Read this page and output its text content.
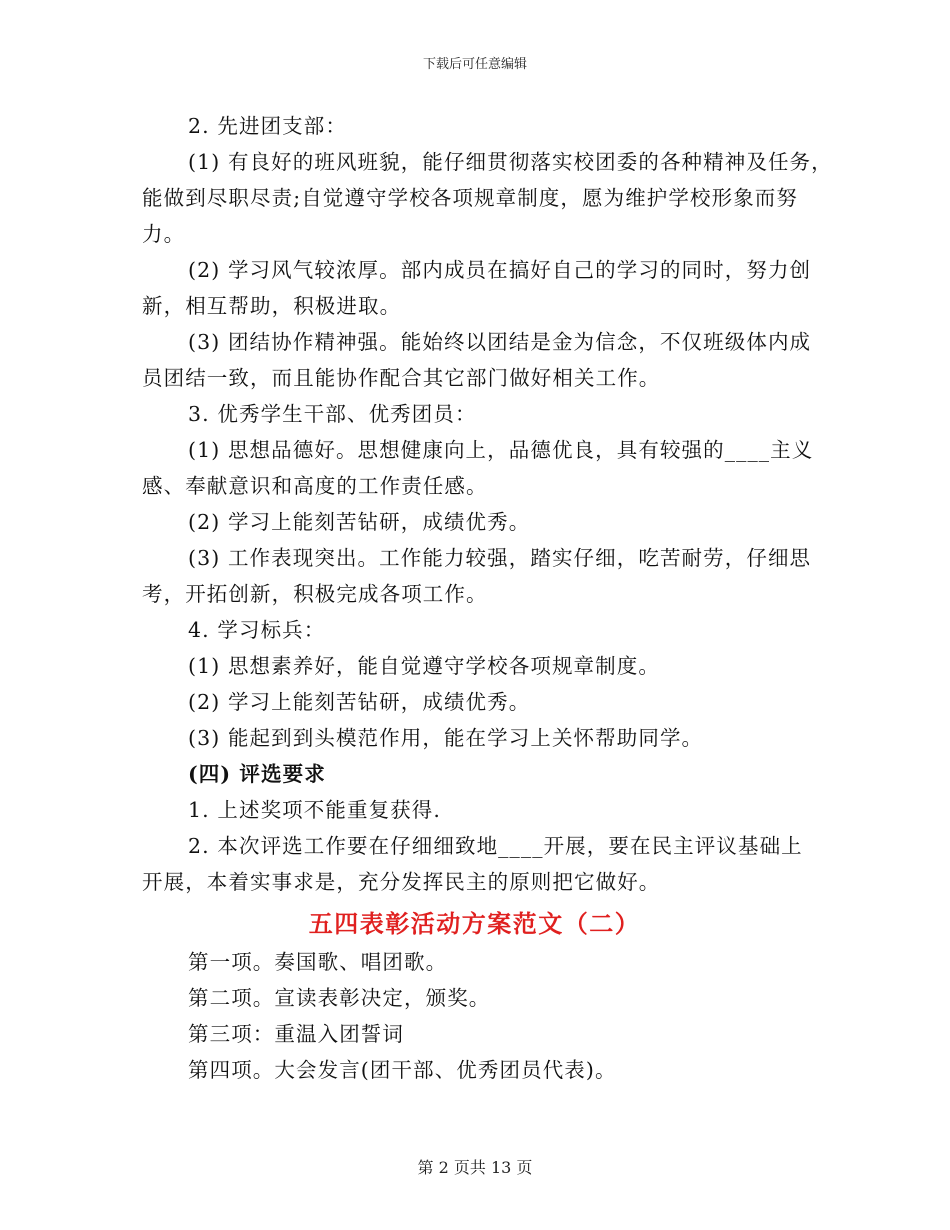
下载后可任意编辑
2. 先进团支部：
(1) 有良好的班风班貌，能仔细贯彻落实校团委的各种精神及任务，
能做到尽职尽责;自觉遵守学校各项规章制度，愿为维护学校形象而努
力。
(2) 学习风气较浓厚。部内成员在搞好自己的学习的同时，努力创
新，相互帮助，积极进取。
(3) 团结协作精神强。能始终以团结是金为信念，不仅班级体内成
员团结一致，而且能协作配合其它部门做好相关工作。
3. 优秀学生干部、优秀团员：
(1) 思想品德好。思想健康向上，品德优良，具有较强的____主义
感、奉献意识和高度的工作责任感。
(2) 学习上能刻苦钻研，成绩优秀。
(3) 工作表现突出。工作能力较强，踏实仔细，吃苦耐劳，仔细思
考，开拓创新，积极完成各项工作。
4. 学习标兵：
(1) 思想素养好，能自觉遵守学校各项规章制度。
(2) 学习上能刻苦钻研，成绩优秀。
(3) 能起到到头模范作用，能在学习上关怀帮助同学。
(四) 评选要求
1. 上述奖项不能重复获得.
2. 本次评选工作要在仔细细致地____开展，要在民主评议基础上
开展，本着实事求是，充分发挥民主的原则把它做好。
五四表彰活动方案范文（二）
第一项。奏国歌、唱团歌。
第二项。宣读表彰决定，颁奖。
第三项：重温入团誓词
第四项。大会发言(团干部、优秀团员代表)。
第 2 页共 13 页
